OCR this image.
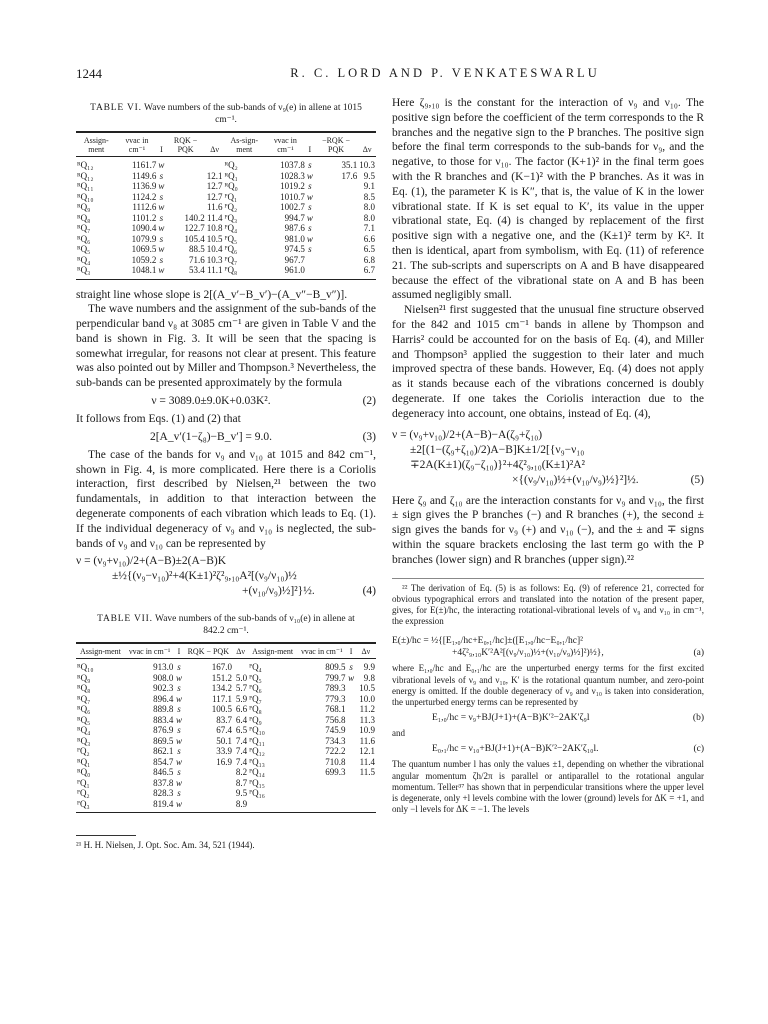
1244	R. C. LORD AND P. VENKATESWARLU
TABLE VI. Wave numbers of the sub-bands of ν₉(e) in allene at 1015 cm⁻¹.
Assign-ment	νvac in cm⁻¹	I	RQK − PQK	Δν	As-sign-ment	νvac in cm⁻¹	I	−RQK − PQK	Δν
ᴿQ₁₂	1161.7	w			ᴿQ₂	1037.8	s	35.1	10.3
ᴿQ₁₂	1149.6	s		12.1	ᴿQ₁	1028.3	w	17.6	9.5
ᴿQ₁₁	1136.9	w		12.7	ᴿQ₀	1019.2	s		9.1
ᴿQ₁₀	1124.2	s		12.7	ᴾQ₁	1010.7	w		8.5
ᴿQ₉	1112.6	w		11.6	ᴾQ₂	1002.7	s		8.0
ᴿQ₈	1101.2	s	140.2	11.4	ᴾQ₃	994.7	w		8.0
ᴿQ₇	1090.4	w	122.7	10.8	ᴾQ₄	987.6	s		7.1
ᴿQ₆	1079.9	s	105.4	10.5	ᴾQ₅	981.0	w		6.6
ᴿQ₅	1069.5	w	88.5	10.4	ᴾQ₆	974.5	s		6.5
ᴿQ₄	1059.2	s	71.6	10.3	ᴾQ₇	967.7			6.8
ᴿQ₃	1048.1	w	53.4	11.1	ᴾQ₈	961.0			6.7

straight line whose slope is 2[(A_v′−B_v′)−(A_v″−B_v″)].

The wave numbers and the assignment of the sub-bands of the perpendicular band ν₈ at 3085 cm⁻¹ are given in Table V and the band is shown in Fig. 3. It will be seen that the spacing is somewhat irregular, for reasons not clear at present. This feature was also pointed out by Miller and Thompson.³ Nevertheless, the sub-bands can be presented approximately by the formula

ν = 3089.0±9.0K+0.03K².	(2)

It follows from Eqs. (1) and (2) that

2[A_v′(1−ζ₈)−B_v′] = 9.0.	(3)

The case of the bands for ν₉ and ν₁₀ at 1015 and 842 cm⁻¹, shown in Fig. 4, is more complicated. Here there is a Coriolis interaction, first described by Nielsen,²¹ between the two fundamentals, in addition to that interaction between the degenerate components of each vibration which leads to Eq. (1). If the individual degeneracy of ν₉ and ν₁₀ is neglected, the sub-bands of ν₉ and ν₁₀ can be represented by

ν = (ν₉+ν₁₀)/2+(A−B)±2(A−B)K
±½{(ν₉−ν₁₀)²+4(K±1)²ζ²₉,₁₀A²[(ν₉/ν₁₀)½
+(ν₁₀/ν₉)½]²}½.	(4)
TABLE VII. Wave numbers of the sub-bands of ν₁₀(e) in allene at 842.2 cm⁻¹.
Assign-ment	νvac in cm⁻¹	I	RQK − PQK	Δν	Assign-ment	νvac in cm⁻¹	I	Δν
ᴿQ₁₀	913.0	s	167.0		ᴾQ₄	809.5	s	9.9
ᴿQ₉	908.0	w	151.2	5.0	ᴾQ₅	799.7	w	9.8
ᴿQ₈	902.3	s	134.2	5.7	ᴾQ₆	789.3		10.5
ᴿQ₇	896.4	w	117.1	5.9	ᴾQ₇	779.3		10.0
ᴿQ₆	889.8	s	100.5	6.6	ᴾQ₈	768.1		11.2
ᴿQ₅	883.4	w	83.7	6.4	ᴾQ₉	756.8		11.3
ᴿQ₄	876.9	s	67.4	6.5	ᴾQ₁₀	745.9		10.9
ᴿQ₃	869.5	w	50.1	7.4	ᴾQ₁₁	734.3		11.6
ᴾQ₂	862.1	s	33.9	7.4	ᴾQ₁₂	722.2		12.1
ᴿQ₁	854.7	w	16.9	7.4	ᴾQ₁₃	710.8		11.4
ᴿQ₀	846.5	s		8.2	ᴾQ₁₄	699.3		11.5
ᴾQ₁	837.8	w		8.7	ᴾQ₁₅			
ᴾQ₂	828.3	s		9.5	ᴾQ₁₆			
ᴾQ₃	819.4	w		8.9				

²¹ H. H. Nielsen, J. Opt. Soc. Am. 34, 521 (1944).

Here ζ₉,₁₀ is the constant for the interaction of ν₉ and ν₁₀. The positive sign before the coefficient of the term corresponds to the R branches and the negative sign to the P branches. The positive sign before the final term corresponds to the sub-bands for ν₉, and the negative, to those for ν₁₀. The factor (K+1)² in the final term goes with the R branches and (K−1)² with the P branches. As it was in Eq. (1), the parameter K is K″, that is, the value of K in the lower vibrational state. If K is set equal to K′, its value in the upper vibrational state, Eq. (4) is changed by replacement of the first positive sign with a negative one, and the (K±1)² term by K². It then is identical, apart from symbolism, with Eq. (11) of reference 21. The sub-scripts and superscripts on A and B have disappeared because the effect of the vibrational state on A and B has been assumed negligibly small.

Nielsen²¹ first suggested that the unusual fine structure observed for the 842 and 1015 cm⁻¹ bands in allene by Thompson and Harris² could be accounted for on the basis of Eq. (4), and Miller and Thompson³ applied the suggestion to their later and much improved spectra of these bands. However, Eq. (4) does not apply as it stands because each of the vibrations concerned is doubly degenerate. If one takes the Coriolis interaction due to the degeneracy into account, one obtains, instead of Eq. (4),

ν = (ν₉+ν₁₀)/2+(A−B)−A(ζ₉+ζ₁₀)
±2[(1−(ζ₉+ζ₁₀)/2)A−B]K±1/2[{ν₉−ν₁₀
∓2A(K±1)(ζ₉−ζ₁₀)}²+4ζ²₉,₁₀(K±1)²A²
×{(ν₉/ν₁₀)½+(ν₁₀/ν₉)½}²]½.	(5)

Here ζ₉ and ζ₁₀ are the interaction constants for ν₉ and ν₁₀, the first ± sign gives the P branches (−) and R branches (+), the second ± sign gives the bands for ν₉ (+) and ν₁₀ (−), and the ± and ∓ signs within the square brackets enclosing the last term go with the P branches (lower sign) and R branches (upper sign).²²

²² The derivation of Eq. (5) is as follows: Eq. (9) of reference 21, corrected for obvious typographical errors and translated into the notation of the present paper, gives, for E(±)/hc, the interacting rotational-vibrational levels of ν₉ and ν₁₀ in cm⁻¹, the expression

E(±)/hc = ½{[E₁,₀/hc+E₀,₁/hc]±([E₁,₀/hc−E₀,₁/hc]²
+4ζ²₉,₁₀K′²A²[(ν₉/ν₁₀)½+(ν₁₀/ν₉)½]²)½},	(a)

where E₁,₀/hc and E₀,₁/hc are the unperturbed energy terms for the first excited vibrational levels of ν₉ and ν₁₀, K′ is the rotational quantum number, and zero-point energy is omitted. If the double degeneracy of ν₉ and ν₁₀ is taken into consideration, the unperturbed energy terms can be represented by

E₁,₀/hc = ν₉+BJ(J+1)+(A−B)K′²−2AK′ζ₉l	(b)

and

E₀,₁/hc = ν₁₀+BJ(J+1)+(A−B)K′²−2AK′ζ₁₀l.	(c)

The quantum number l has only the values ±1, depending on whether the vibrational angular momentum ζh/2π is parallel or antiparallel to the rotational angular momentum. Teller³⁷ has shown that in perpendicular transitions where the upper level is degenerate, only +l levels combine with the lower (ground) levels for ΔK = +1, and only −l levels for ΔK = −1. The levels
